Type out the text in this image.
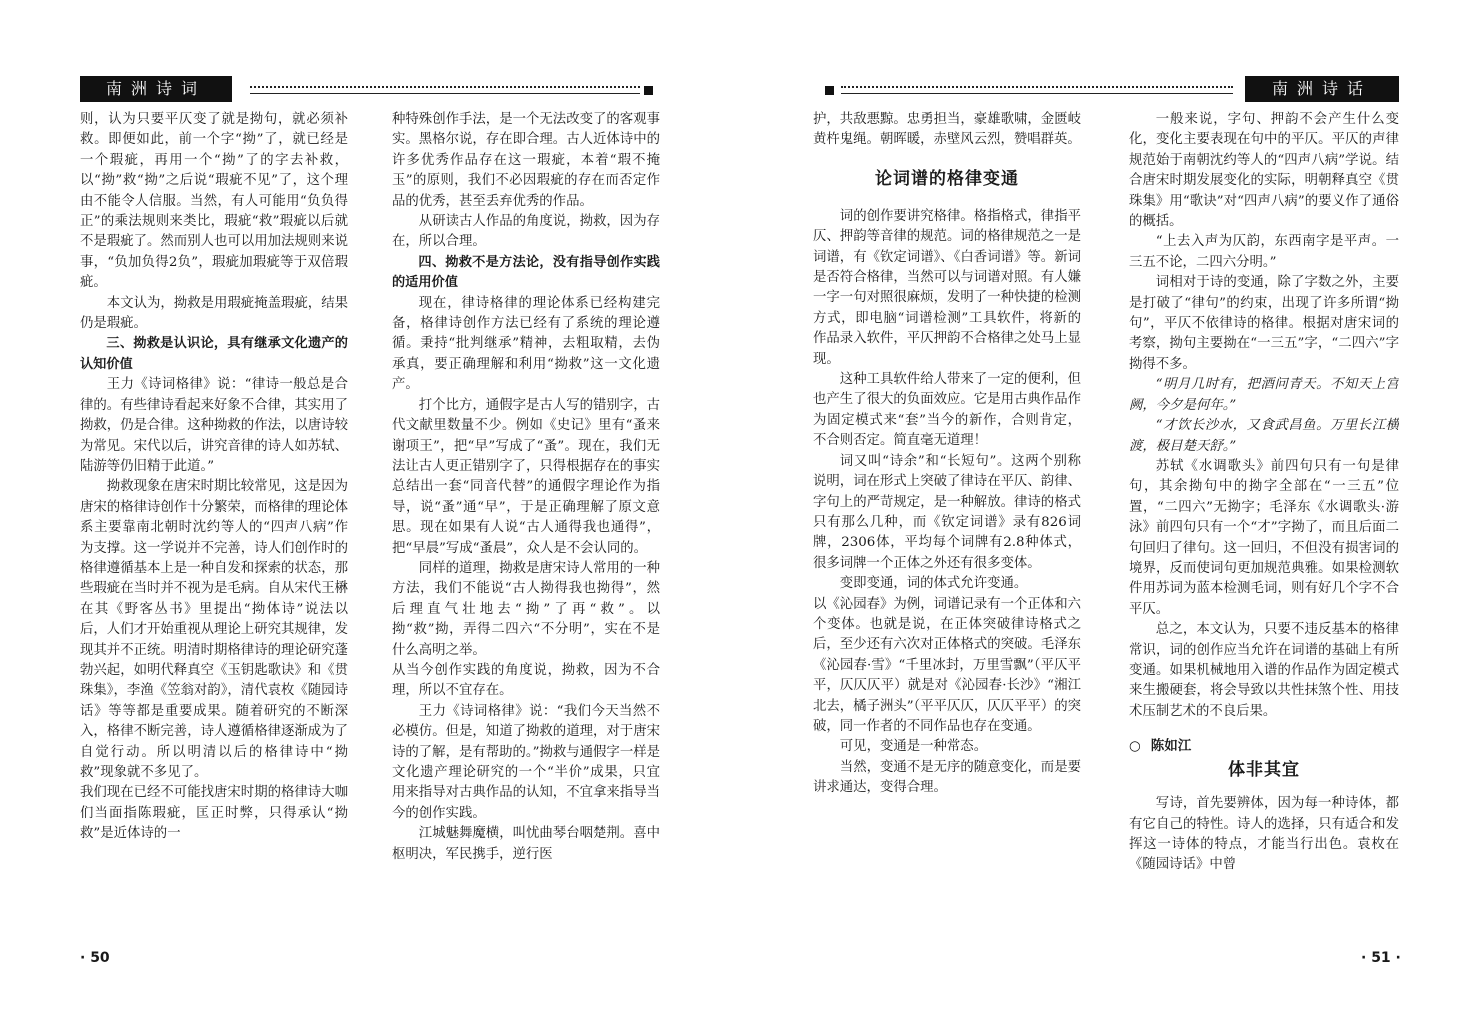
南洲诗词

则，认为只要平仄变了就是拗句，就必须补救。即便如此，前一个字“拗”了，就已经是一个瑕疵，再用一个“拗”了的字去补救，以“拗”救“拗”之后说“瑕疵不见”了，这个理由不能令人信服。当然，有人可能用“负负得正”的乘法规则来类比，瑕疵“救”瑕疵以后就不是瑕疵了。然而别人也可以用加法规则来说事，“负加负得2负”，瑕疵加瑕疵等于双倍瑕疵。

本文认为，拗救是用瑕疵掩盖瑕疵，结果仍是瑕疵。

三、拗救是认识论，具有继承文化遗产的认知价值

王力《诗词格律》说：“律诗一般总是合律的。有些律诗看起来好象不合律，其实用了拗救，仍是合律。这种拗救的作法，以唐诗较为常见。宋代以后，讲究音律的诗人如苏轼、陆游等仍旧精于此道。”

拗救现象在唐宋时期比较常见，这是因为唐宋的格律诗创作十分繁荣，而格律的理论体系主要靠南北朝时沈约等人的“四声八病”作为支撑。这一学说并不完善，诗人们创作时的格律遵循基本上是一种自发和探索的状态，那些瑕疵在当时并不视为是毛病。自从宋代王楙在其《野客丛书》里提出“拗体诗”说法以后，人们才开始重视从理论上研究其规律，发现其并不正统。明清时期格律诗的理论研究蓬勃兴起，如明代释真空《玉钥匙歌诀》和《贯珠集》，李渔《笠翁对韵》，清代袁枚《随园诗话》等等都是重要成果。随着研究的不断深入，格律不断完善，诗人遵循格律逐渐成为了自觉行动。所以明清以后的格律诗中“拗救”现象就不多见了。

我们现在已经不可能找唐宋时期的格律诗大咖们当面指陈瑕疵，匡正时弊，只得承认“拗救”是近体诗的一

种特殊创作手法，是一个无法改变了的客观事实。黑格尔说，存在即合理。古人近体诗中的许多优秀作品存在这一瑕疵，本着“瑕不掩玉”的原则，我们不必因瑕疵的存在而否定作品的优秀，甚至丢弃优秀的作品。

从研读古人作品的角度说，拗救，因为存在，所以合理。

四、拗救不是方法论，没有指导创作实践的适用价值

现在，律诗格律的理论体系已经构建完备，格律诗创作方法已经有了系统的理论遵循。秉持“批判继承”精神，去粗取精，去伪承真，要正确理解和利用“拗救”这一文化遗产。

打个比方，通假字是古人写的错别字，古代文献里数量不少。例如《史记》里有“蚤来谢项王”，把“早”写成了“蚤”。现在，我们无法让古人更正错别字了，只得根据存在的事实总结出一套“同音代替”的通假字理论作为指导，说“蚤”通“早”，于是正确理解了原文意思。现在如果有人说“古人通得我也通得”，把“早晨”写成“蚤晨”，众人是不会认同的。

同样的道理，拗救是唐宋诗人常用的一种方法，我们不能说“古人拗得我也拗得”，然后理直气壮地去“拗”了再“救”。以拗“救”拗，弄得二四六“不分明”，实在不是什么高明之举。

从当今创作实践的角度说，拗救，因为不合理，所以不宜存在。

王力《诗词格律》说：“我们今天当然不必模仿。但是，知道了拗救的道理，对于唐宋诗的了解，是有帮助的。”拗救与通假字一样是文化遗产理论研究的一个“半价”成果，只宜用来指导对古典作品的认知，不宜拿来指导当今的创作实践。

江城魅舞魔横，叫忧曲琴台咽楚荆。喜中枢明决，军民携手，逆行医

· 50
南洲诗话

护，共敌悪黥。忠勇担当，豪雄歌啸，金匮岐黄杵鬼绳。朝晖暖，赤壁风云烈，赞唱群英。

论词谱的格律变通

词的创作要讲究格律。格指格式，律指平仄、押韵等音律的规范。词的格律规范之一是词谱，有《钦定词谱》、《白香词谱》等。新词是否符合格律，当然可以与词谱对照。有人嫌一字一句对照很麻烦，发明了一种快捷的检测方式，即电脑“词谱检测”工具软件，将新的作品录入软件，平仄押韵不合格律之处马上显现。

这种工具软件给人带来了一定的便利，但也产生了很大的负面效应。它是用古典作品作为固定模式来“套”当今的新作，合则肯定，不合则否定。简直毫无道理！

词又叫“诗余”和“长短句”。这两个别称说明，词在形式上突破了律诗在平仄、韵律、字句上的严苛规定，是一种解放。律诗的格式只有那么几种，而《钦定词谱》录有826词牌，2306体，平均每个词牌有2.8种体式，很多词牌一个正体之外还有很多变体。

变即变通，词的体式允许变通。

以《沁园春》为例，词谱记录有一个正体和六个变体。也就是说，在正体突破律诗格式之后，至少还有六次对正体格式的突破。毛泽东《沁园春·雪》“千里冰封，万里雪飘”（平仄平平，仄仄仄平）就是对《沁园春·长沙》“湘江北去，橘子洲头”（平平仄仄，仄仄平平）的突破，同一作者的不同作品也存在变通。

可见，变通是一种常态。

当然，变通不是无序的随意变化，而是要讲求通达，变得合理。

一般来说，字句、押韵不会产生什么变化，变化主要表现在句中的平仄。平仄的声律规范始于南朝沈约等人的“四声八病”学说。结合唐宋时期发展变化的实际，明朝释真空《贯珠集》用“歌诀”对“四声八病”的要义作了通俗的概括。

“上去入声为仄韵，东西南字是平声。一三五不论，二四六分明。”

词相对于诗的变通，除了字数之外，主要是打破了“律句”的约束，出现了许多所谓“拗句”，平仄不依律诗的格律。根据对唐宋词的考察，拗句主要拗在“一三五”字，“二四六”字拗得不多。

“明月几时有，把酒问青天。不知天上宫阙，今夕是何年。”

“才饮长沙水，又食武昌鱼。万里长江横渡，极目楚天舒。”

苏轼《水调歌头》前四句只有一句是律句，其余拗句中的拗字全部在“一三五”位置，“二四六”无拗字；毛泽东《水调歌头·游泳》前四句只有一个“才”字拗了，而且后面二句回归了律句。这一回归，不但没有损害词的境界，反而使词句更加规范典雅。如果检测软件用苏词为蓝本检测毛词，则有好几个字不合平仄。

总之，本文认为，只要不违反基本的格律常识，词的创作应当允许在词谱的基础上有所变通。如果机械地用入谱的作品作为固定模式来生搬硬套，将会导致以共性抹煞个性、用技术压制艺术的不良后果。

○ 陈如江
体非其宜

写诗，首先要辨体，因为每一种诗体，都有它自己的特性。诗人的选择，只有适合和发挥这一诗体的特点，才能当行出色。袁枚在《随园诗话》中曾

· 51 ·
